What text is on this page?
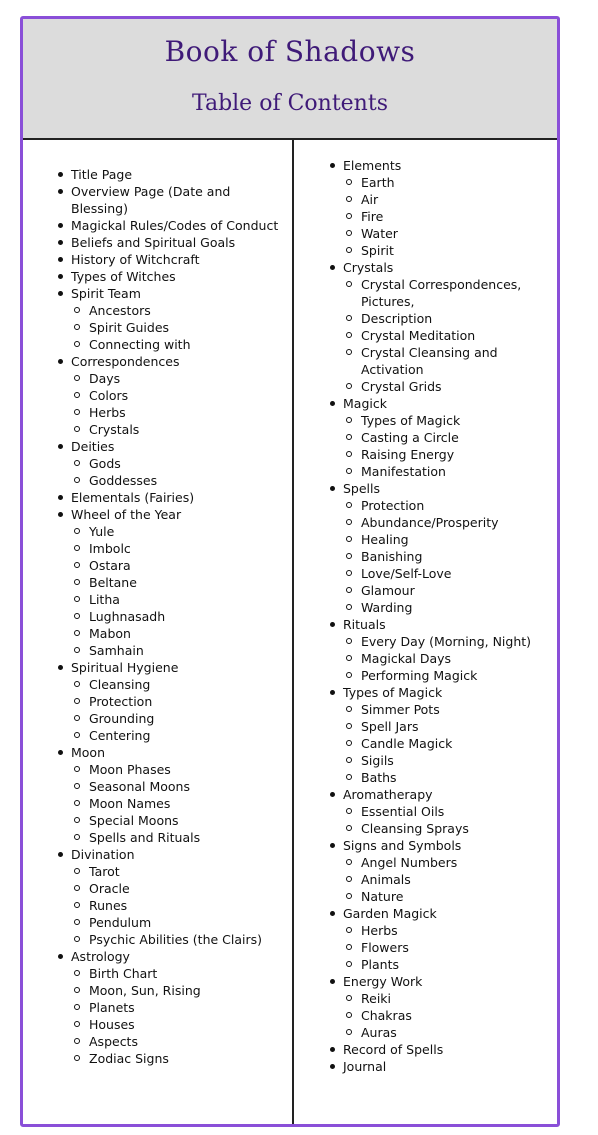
Book of Shadows
Table of Contents
Title Page
Overview Page (Date and Blessing)
Magickal Rules/Codes of Conduct
Beliefs and Spiritual Goals
History of Witchcraft
Types of Witches
Spirit Team
Ancestors
Spirit Guides
Connecting with
Correspondences
Days
Colors
Herbs
Crystals
Deities
Gods
Goddesses
Elementals (Fairies)
Wheel of the Year
Yule
Imbolc
Ostara
Beltane
Litha
Lughnasadh
Mabon
Samhain
Spiritual Hygiene
Cleansing
Protection
Grounding
Centering
Moon
Moon Phases
Seasonal Moons
Moon Names
Special Moons
Spells and Rituals
Divination
Tarot
Oracle
Runes
Pendulum
Psychic Abilities (the Clairs)
Astrology
Birth Chart
Moon, Sun, Rising
Planets
Houses
Aspects
Zodiac Signs
Elements
Earth
Air
Fire
Water
Spirit
Crystals
Crystal Correspondences, Pictures,
Description
Crystal Meditation
Crystal Cleansing and Activation
Crystal Grids
Magick
Types of Magick
Casting a Circle
Raising Energy
Manifestation
Spells
Protection
Abundance/Prosperity
Healing
Banishing
Love/Self-Love
Glamour
Warding
Rituals
Every Day (Morning, Night)
Magickal Days
Performing Magick
Types of Magick
Simmer Pots
Spell Jars
Candle Magick
Sigils
Baths
Aromatherapy
Essential Oils
Cleansing Sprays
Signs and Symbols
Angel Numbers
Animals
Nature
Garden Magick
Herbs
Flowers
Plants
Energy Work
Reiki
Chakras
Auras
Record of Spells
Journal
